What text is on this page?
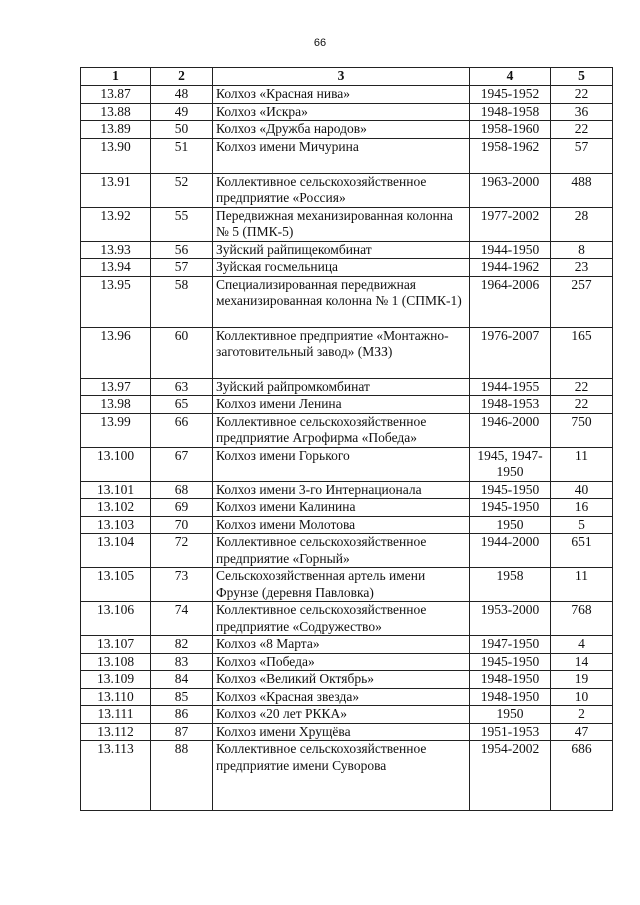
66
1	2	3	4	5
13.87	48	Колхоз «Красная нива»	1945-1952	22
13.88	49	Колхоз «Искра»	1948-1958	36
13.89	50	Колхоз «Дружба народов»	1958-1960	22
13.90	51	Колхоз имени Мичурина	1958-1962	57
13.91	52	Коллективное сельскохозяйственное предприятие «Россия»	1963-2000	488
13.92	55	Передвижная механизированная колонна № 5 (ПМК-5)	1977-2002	28
13.93	56	Зуйский райпищекомбинат	1944-1950	8
13.94	57	Зуйская госмельница	1944-1962	23
13.95	58	Специализированная передвижная механизированная колонна № 1 (СПМК-1)	1964-2006	257
13.96	60	Коллективное предприятие «Монтажно-заготовительный завод» (МЗЗ)	1976-2007	165
13.97	63	Зуйский райпромкомбинат	1944-1955	22
13.98	65	Колхоз имени Ленина	1948-1953	22
13.99	66	Коллективное сельскохозяйственное предприятие Агрофирма «Победа»	1946-2000	750
13.100	67	Колхоз имени Горького	1945, 1947-1950	11
13.101	68	Колхоз имени 3-го Интернационала	1945-1950	40
13.102	69	Колхоз имени Калинина	1945-1950	16
13.103	70	Колхоз имени Молотова	1950	5
13.104	72	Коллективное сельскохозяйственное предприятие «Горный»	1944-2000	651
13.105	73	Сельскохозяйственная артель имени Фрунзе (деревня Павловка)	1958	11
13.106	74	Коллективное сельскохозяйственное предприятие «Содружество»	1953-2000	768
13.107	82	Колхоз «8 Марта»	1947-1950	4
13.108	83	Колхоз «Победа»	1945-1950	14
13.109	84	Колхоз «Великий Октябрь»	1948-1950	19
13.110	85	Колхоз «Красная звезда»	1948-1950	10
13.111	86	Колхоз «20 лет РККА»	1950	2
13.112	87	Колхоз имени Хрущёва	1951-1953	47
13.113	88	Коллективное сельскохозяйственное предприятие имени Суворова	1954-2002	686
